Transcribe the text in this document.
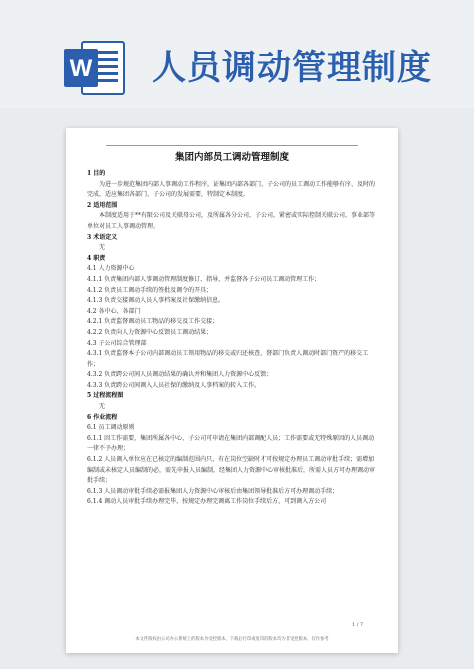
W 人员调动管理制度
集团内部员工调动管理制度

1 目的

为进一步规范集团内部人事调动工作程序，证集团内部各部门、子公司的员工调动工作能够有序、及时的完成，适应集团各部门、子公司的发展需要，特制定本制度。

2 适用范围

本制度适用于**有限公司及关联母公司，及所属各分公司、子公司，紧密或实际控制关联公司、事业部等单位对员工人事调动管理。

3 术语定义

无

4 职责

4.1 人力资源中心

4.1.1 负责集团内部人事调动管理制度修订、指导，并监督各子公司员工调动管理工作；

4.1.2 负责员工调动手续的签批及调令的开具；

4.1.3 负责交接调动人员人事档案及社保缴纳信息。

4.2 各中心、各部门

4.2.1 负责监督调动员工物品的移交及工作交接；

4.2.2 负责向人力资源中心反馈员工调动结果；

4.3 子公司综合管理部

4.3.1 负责监督本子公司内部调动员工领用物品的移交或归还核查，督部门负责人调动时部门资产的移交工作；

4.3.2 负责跨公司间人员调动结果的确认并和集团人力资源中心反馈；

4.3.3 负责跨公司间调入人员社保的缴纳及人事档案的转入工作。

5 过程流程图

无

6 作业流程

6.1 员工调动原则

6.1.1 因工作需要，集团所属各中心、子公司可申请在集团内部调配人员；工作需要或无特殊原因的人员调动一律不予办理；

6.1.2 人员调入单位应在已核定的编制范围内只，有在岗位空缺时才可按规定办理员工调动审批手续；需增加编制或未核定人员编制的必，需先申报人员编制，经集团人力资源中心审核批准后，所需人员方可办理调动审批手续；

6.1.3 人员调动审批手续必需报集团人力资源中心审核后由集团领导批准后方可办理调动手续；

6.1.4 调动人员审批手续办理完毕，按规定办理完调离工作岗位手续后方，可到调入方公司

1 / 7
本文件版权由公司办公系统上的版本为受控版本，下载后打印或复印的版本均为非受控版本，仅作参考
